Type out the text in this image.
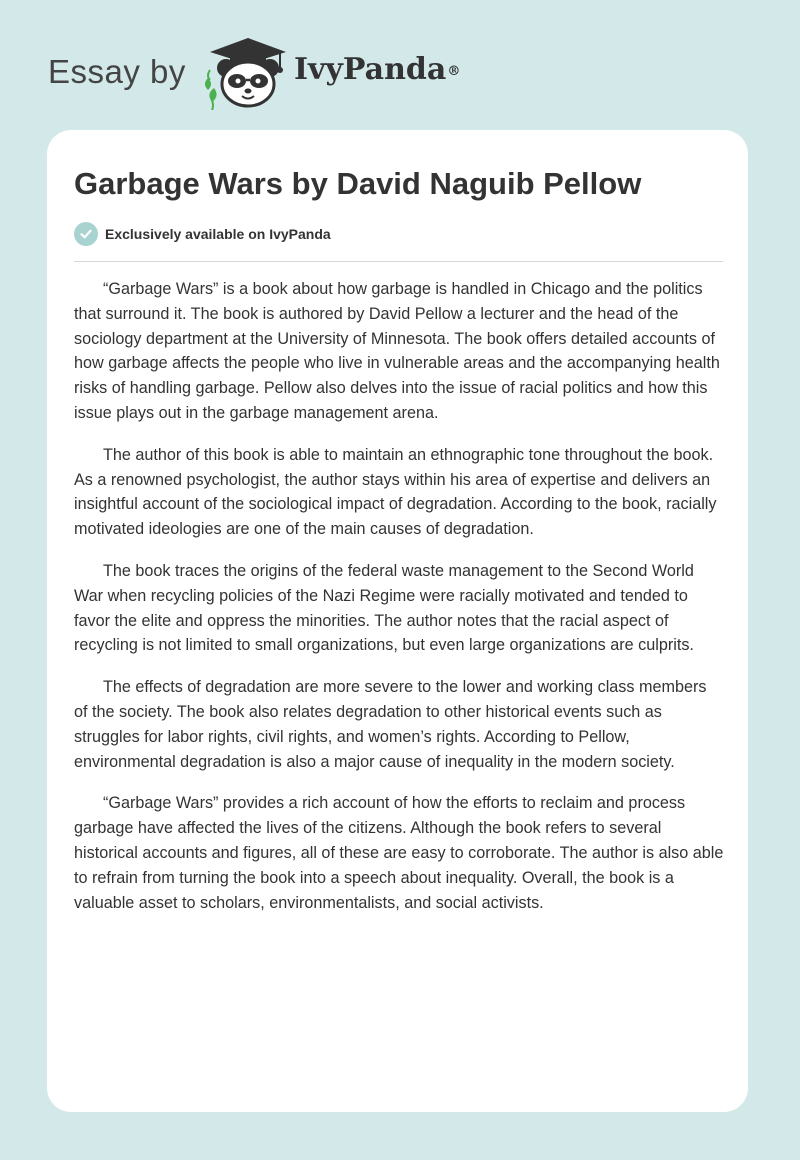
Essay by	IvyPanda®
Garbage Wars by David Naguib Pellow
Exclusively available on IvyPanda

“Garbage Wars” is a book about how garbage is handled in Chicago and the politics that surround it. The book is authored by David Pellow a lecturer and the head of the sociology department at the University of Minnesota. The book offers detailed accounts of how garbage affects the people who live in vulnerable areas and the accompanying health risks of handling garbage. Pellow also delves into the issue of racial politics and how this issue plays out in the garbage management arena.

The author of this book is able to maintain an ethnographic tone throughout the book. As a renowned psychologist, the author stays within his area of expertise and delivers an insightful account of the sociological impact of degradation. According to the book, racially motivated ideologies are one of the main causes of degradation.

The book traces the origins of the federal waste management to the Second World War when recycling policies of the Nazi Regime were racially motivated and tended to favor the elite and oppress the minorities. The author notes that the racial aspect of recycling is not limited to small organizations, but even large organizations are culprits.

The effects of degradation are more severe to the lower and working class members of the society. The book also relates degradation to other historical events such as struggles for labor rights, civil rights, and women’s rights. According to Pellow, environmental degradation is also a major cause of inequality in the modern society.

“Garbage Wars” provides a rich account of how the efforts to reclaim and process garbage have affected the lives of the citizens. Although the book refers to several historical accounts and figures, all of these are easy to corroborate. The author is also able to refrain from turning the book into a speech about inequality. Overall, the book is a valuable asset to scholars, environmentalists, and social activists.
